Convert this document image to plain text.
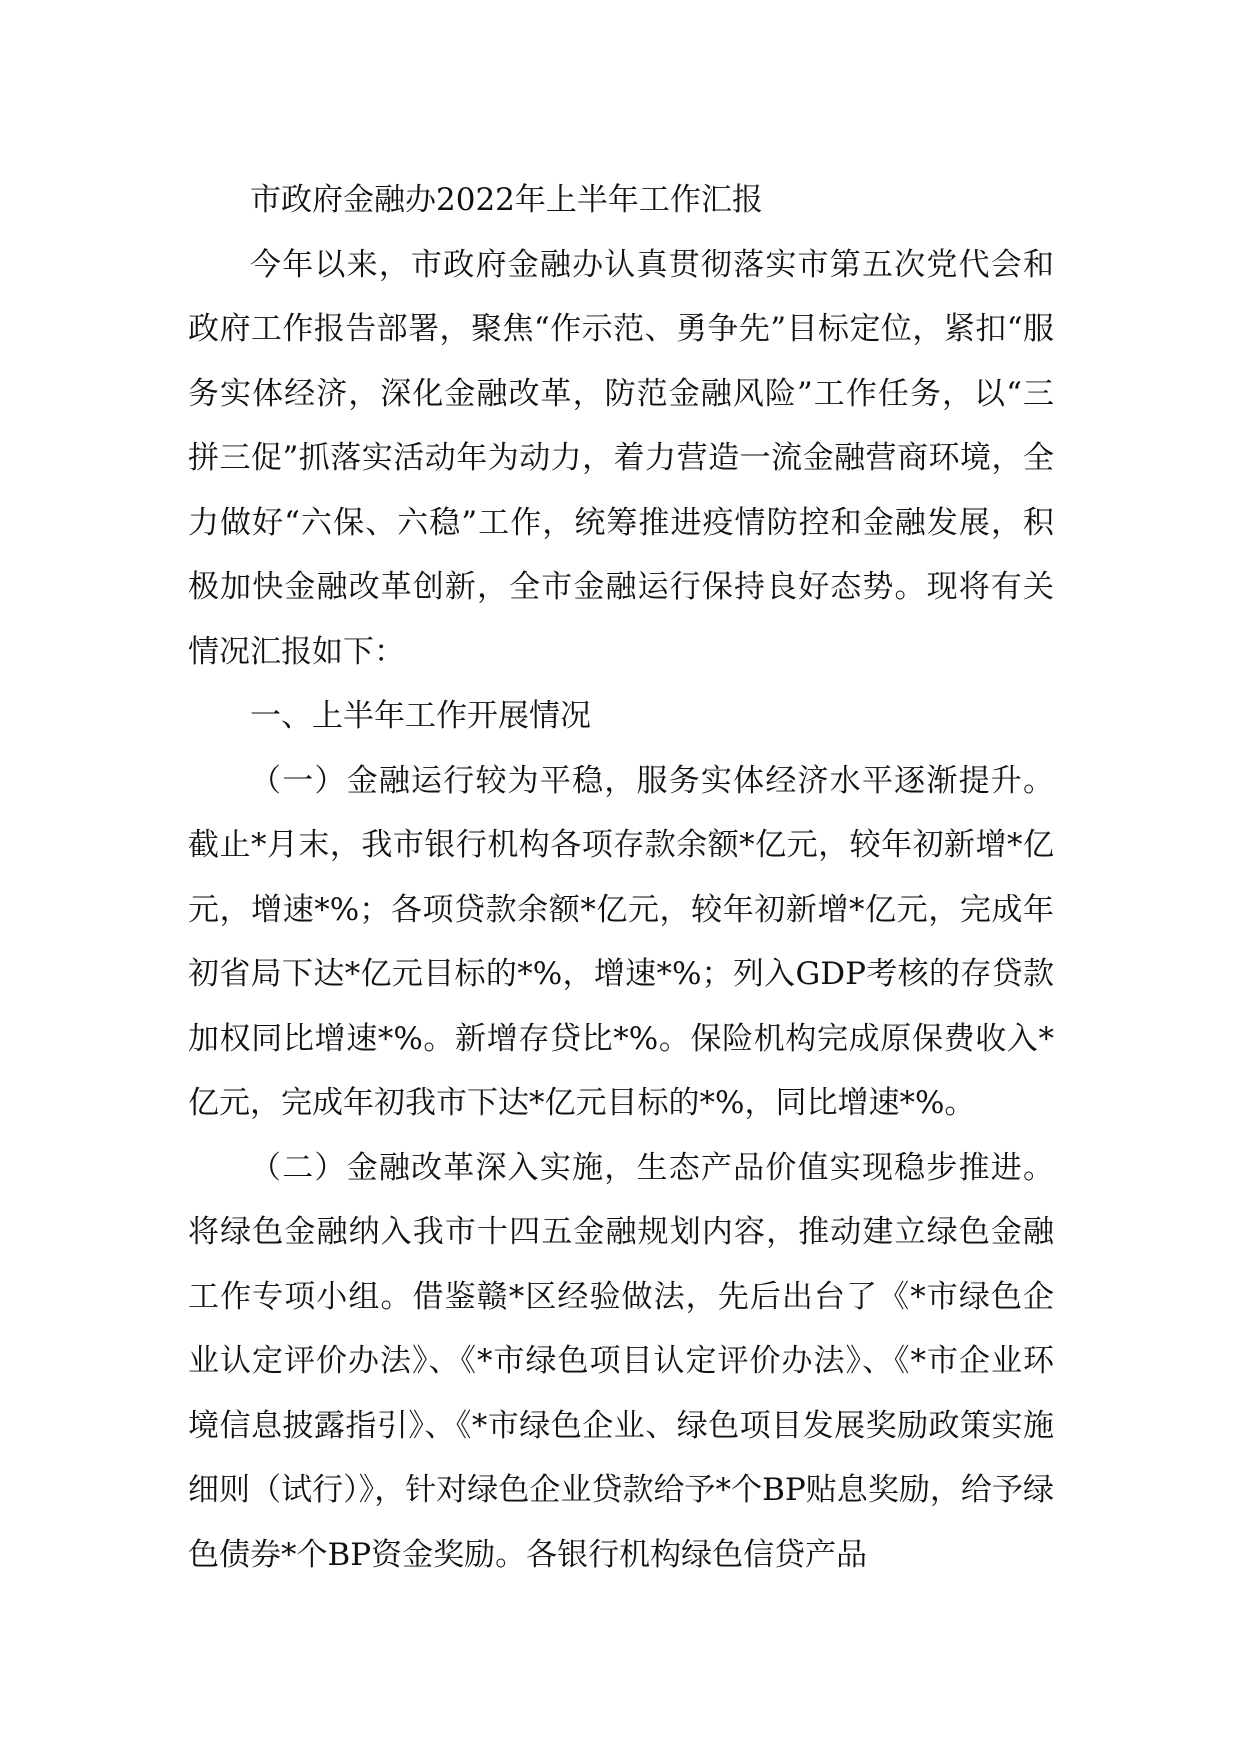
市政府金融办2022年上半年工作汇报

今年以来，市政府金融办认真贯彻落实市第五次党代会和政府工作报告部署，聚焦“作示范、勇争先”目标定位，紧扣“服务实体经济，深化金融改革，防范金融风险”工作任务，以“三拼三促”抓落实活动年为动力，着力营造一流金融营商环境，全力做好“六保、六稳”工作，统筹推进疫情防控和金融发展，积极加快金融改革创新，全市金融运行保持良好态势。现将有关情况汇报如下：

一、上半年工作开展情况

（一）金融运行较为平稳，服务实体经济水平逐渐提升。截止*月末，我市银行机构各项存款余额*亿元，较年初新增*亿元，增速*%；各项贷款余额*亿元，较年初新增*亿元，完成年初省局下达*亿元目标的*%，增速*%；列入GDP考核的存贷款加权同比增速*%。新增存贷比*%。保险机构完成原保费收入*亿元，完成年初我市下达*亿元目标的*%，同比增速*%。

（二）金融改革深入实施，生态产品价值实现稳步推进。将绿色金融纳入我市十四五金融规划内容，推动建立绿色金融工作专项小组。借鉴赣*区经验做法，先后出台了《*市绿色企业认定评价办法》、《*市绿色项目认定评价办法》、《*市企业环境信息披露指引》、《*市绿色企业、绿色项目发展奖励政策实施细则（试行）》，针对绿色企业贷款给予*个BP贴息奖励，给予绿色债券*个BP资金奖励。各银行机构绿色信贷产品
